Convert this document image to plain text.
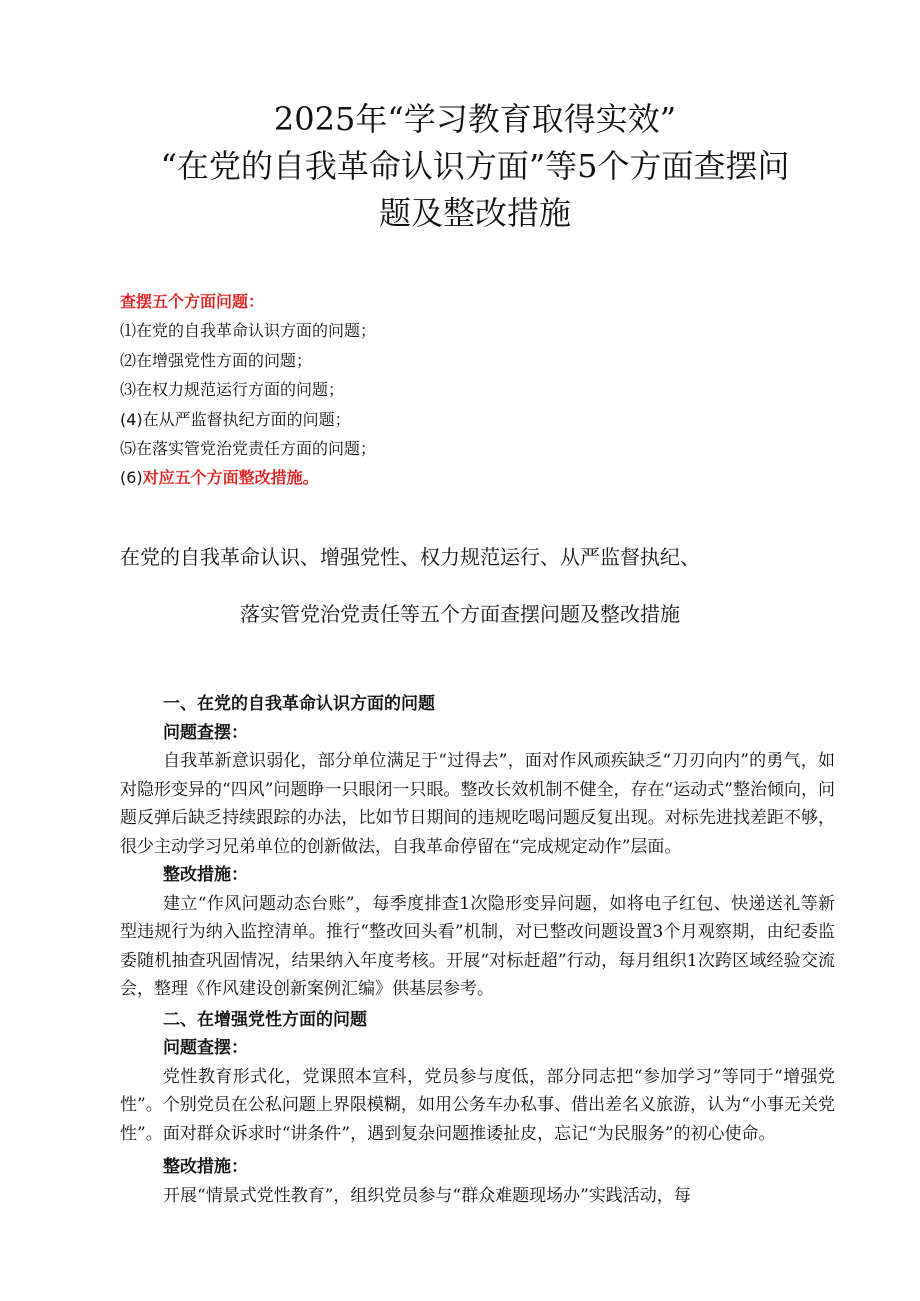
2025年“学习教育取得实效”
“在党的自我革命认识方面”等5个方面查摆问
题及整改措施
查摆五个方面问题：
⑴在党的自我革命认识方面的问题；
⑵在增强党性方面的问题；
⑶在权力规范运行方面的问题；
(4)在从严监督执纪方面的问题；
⑸在落实管党治党责任方面的问题；
(6)对应五个方面整改措施。
在党的自我革命认识、增强党性、权力规范运行、从严监督执纪、
落实管党治党责任等五个方面查摆问题及整改措施
一、在党的自我革命认识方面的问题
问题查摆：

自我革新意识弱化，部分单位满足于“过得去”，面对作风顽疾缺乏“刀刃向内”的勇气，如对隐形变异的“四风”问题睁一只眼闭一只眼。整改长效机制不健全，存在“运动式”整治倾向，问题反弹后缺乏持续跟踪的办法，比如节日期间的违规吃喝问题反复出现。对标先进找差距不够，很少主动学习兄弟单位的创新做法，自我革命停留在“完成规定动作”层面。

整改措施：

建立“作风问题动态台账”，每季度排查1次隐形变异问题，如将电子红包、快递送礼等新型违规行为纳入监控清单。推行“整改回头看”机制，对已整改问题设置3个月观察期，由纪委监委随机抽查巩固情况，结果纳入年度考核。开展“对标赶超”行动，每月组织1次跨区域经验交流会，整理《作风建设创新案例汇编》供基层参考。

二、在增强党性方面的问题
问题查摆：

党性教育形式化，党课照本宣科，党员参与度低，部分同志把“参加学习”等同于“增强党性”。个别党员在公私问题上界限模糊，如用公务车办私事、借出差名义旅游，认为“小事无关党性”。面对群众诉求时“讲条件”，遇到复杂问题推诿扯皮，忘记“为民服务”的初心使命。

整改措施：

开展“情景式党性教育”，组织党员参与“群众难题现场办”实践活动，每
